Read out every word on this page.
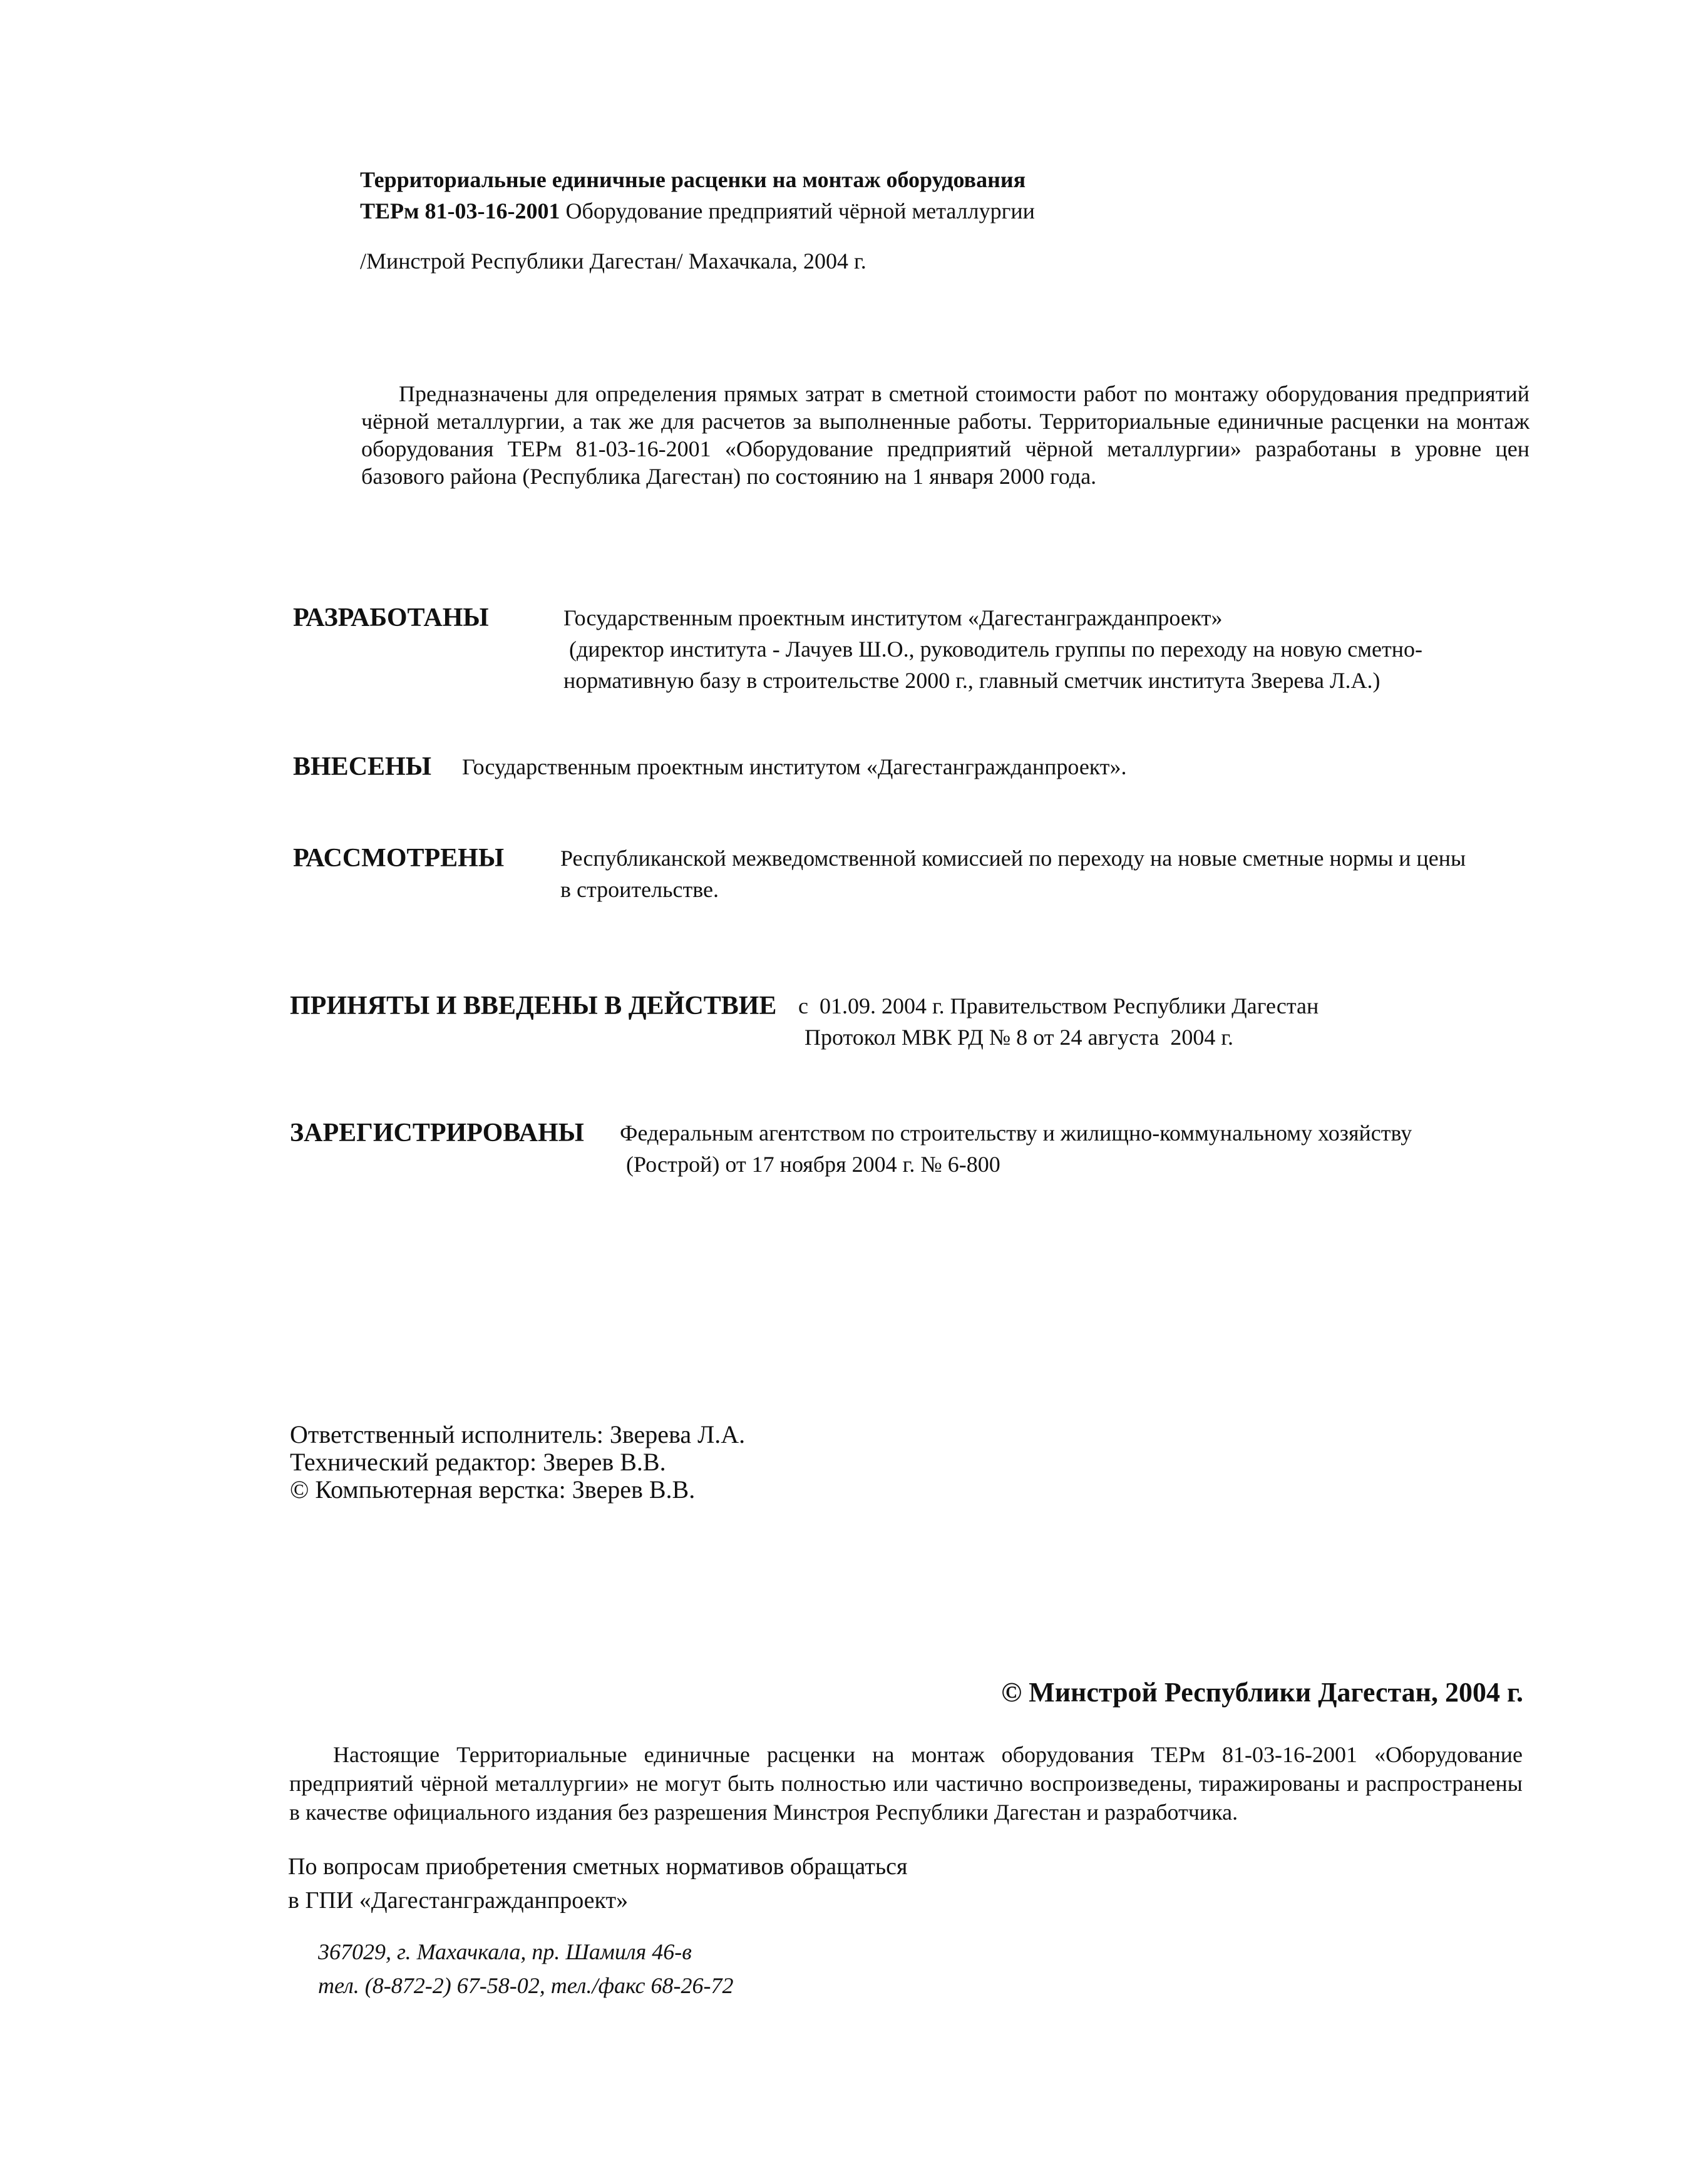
Территориальные единичные расценки на монтаж оборудования
ТЕРм 81-03-16-2001 Оборудование предприятий чёрной металлургии
/Минстрой Республики Дагестан/ Махачкала, 2004 г.
Предназначены для определения прямых затрат в сметной стоимости работ по монтажу оборудования предприятий чёрной металлургии, а так же для расчетов за выполненные работы. Территориальные единичные расценки на монтаж оборудования ТЕРм 81-03-16-2001 «Оборудование предприятий чёрной металлургии» разработаны в уровне цен базового района (Республика Дагестан) по состоянию на 1 января 2000 года.
РАЗРАБОТАНЫ	Государственным проектным институтом «Дагестангражданпроект»
(директор института - Лачуев Ш.О., руководитель группы по переходу на новую сметно-
нормативную базу в строительстве 2000 г., главный сметчик института Зверева Л.А.)
ВНЕСЕНЫ Государственным проектным институтом «Дагестангражданпроект».
РАССМОТРЕНЫ Республиканской межведомственной комиссией по переходу на новые сметные нормы и цены
в строительстве.
ПРИНЯТЫ И ВВЕДЕНЫ В ДЕЙСТВИЕ с  01.09. 2004 г. Правительством Республики Дагестан
Протокол МВК РД № 8 от 24 августа  2004 г.
ЗАРЕГИСТРИРОВАНЫ Федеральным агентством по строительству и жилищно-коммунальному хозяйству
(Рострой) от 17 ноября 2004 г. № 6-800
Ответственный исполнитель: Зверева Л.А.
Технический редактор: Зверев В.В.
© Компьютерная верстка: Зверев В.В.
© Минстрой Республики Дагестан, 2004 г.
Настоящие Территориальные единичные расценки на монтаж оборудования ТЕРм 81-03-16-2001 «Оборудование предприятий чёрной металлургии» не могут быть полностью или частично воспроизведены, тиражированы и распространены в качестве официального издания без разрешения Минстроя Республики Дагестан и разработчика.
По вопросам приобретения сметных нормативов обращаться
в ГПИ «Дагестангражданпроект»
367029, г. Махачкала, пр. Шамиля 46-в
тел. (8-872-2) 67-58-02, тел./факс 68-26-72
